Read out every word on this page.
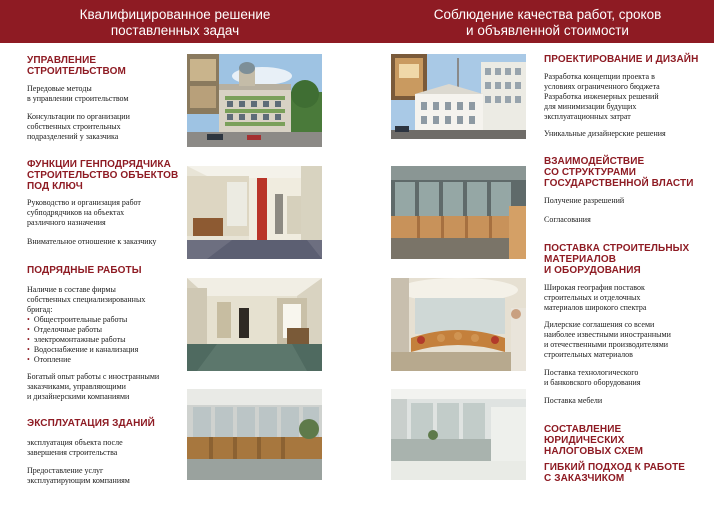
Квалифицированное решение
поставленных задач
Соблюдение качества работ, сроков
и объявленной стоимости
УПРАВЛЕНИЕ
СТРОИТЕЛЬСТВОМ
Передовые методы
в управлении строительством
Консультации по организации
собственных строительных
подразделений у заказчика
ФУНКЦИИ ГЕНПОДРЯДЧИКА
СТРОИТЕЛЬСТВО ОБЪЕКТОВ
ПОД КЛЮЧ
Руководство и организация работ
субподрядчиков на объектах
различного назначения
Внимательное отношение к заказчику
ПОДРЯДНЫЕ РАБОТЫ
Наличие в составе фирмы
собственных специализированных
бригад:
• Общестроительные работы
• Отделочные работы
• электромонтажные работы
• Водоснабжение и канализация
• Отопление
Богатый опыт работы с иностранными
заказчиками, управляющими
и дизайнерскими компаниями
ЭКСПЛУАТАЦИЯ ЗДАНИЙ
эксплуатация объекта после
завершения строительства
Предоставление услуг
эксплуатирующим компаниям
ПРОЕКТИРОВАНИЕ И ДИЗАЙН
Разработка концепции проекта в
условиях ограниченного бюджета
Разработка инженерных решений
для минимизации будущих
эксплуатационных затрат
Уникальные дизайнерские решения
ВЗАИМОДЕЙСТВИЕ
СО СТРУКТУРАМИ
ГОСУДАРСТВЕННОЙ ВЛАСТИ
Получение разрешений
Согласования
ПОСТАВКА СТРОИТЕЛЬНЫХ
МАТЕРИАЛОВ
И ОБОРУДОВАНИЯ
Широкая география поставок
строительных и отделочных
материалов широкого спектра
Дилерские соглашения со всеми
наиболее известными иностранными
и отечественными производителями
строительных материалов
Поставка технологического
и банковского оборудования
Поставка мебели
СОСТАВЛЕНИЕ
ЮРИДИЧЕСКИХ
НАЛОГОВЫХ СХЕМ
ГИБКИЙ ПОДХОД К РАБОТЕ
С ЗАКАЗЧИКОМ
